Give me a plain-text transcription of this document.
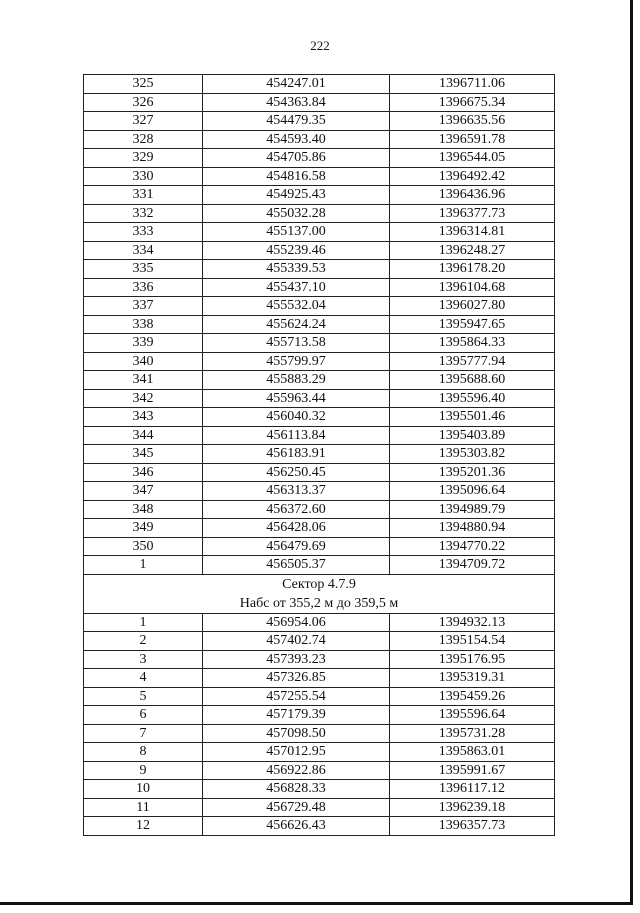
222
325	454247.01	1396711.06
326	454363.84	1396675.34
327	454479.35	1396635.56
328	454593.40	1396591.78
329	454705.86	1396544.05
330	454816.58	1396492.42
331	454925.43	1396436.96
332	455032.28	1396377.73
333	455137.00	1396314.81
334	455239.46	1396248.27
335	455339.53	1396178.20
336	455437.10	1396104.68
337	455532.04	1396027.80
338	455624.24	1395947.65
339	455713.58	1395864.33
340	455799.97	1395777.94
341	455883.29	1395688.60
342	455963.44	1395596.40
343	456040.32	1395501.46
344	456113.84	1395403.89
345	456183.91	1395303.82
346	456250.45	1395201.36
347	456313.37	1395096.64
348	456372.60	1394989.79
349	456428.06	1394880.94
350	456479.69	1394770.22
1	456505.37	1394709.72
Сектор 4.7.9		
Набс от 355,2 м до 359,5 м		
1	456954.06	1394932.13
2	457402.74	1395154.54
3	457393.23	1395176.95
4	457326.85	1395319.31
5	457255.54	1395459.26
6	457179.39	1395596.64
7	457098.50	1395731.28
8	457012.95	1395863.01
9	456922.86	1395991.67
10	456828.33	1396117.12
11	456729.48	1396239.18
12	456626.43	1396357.73
